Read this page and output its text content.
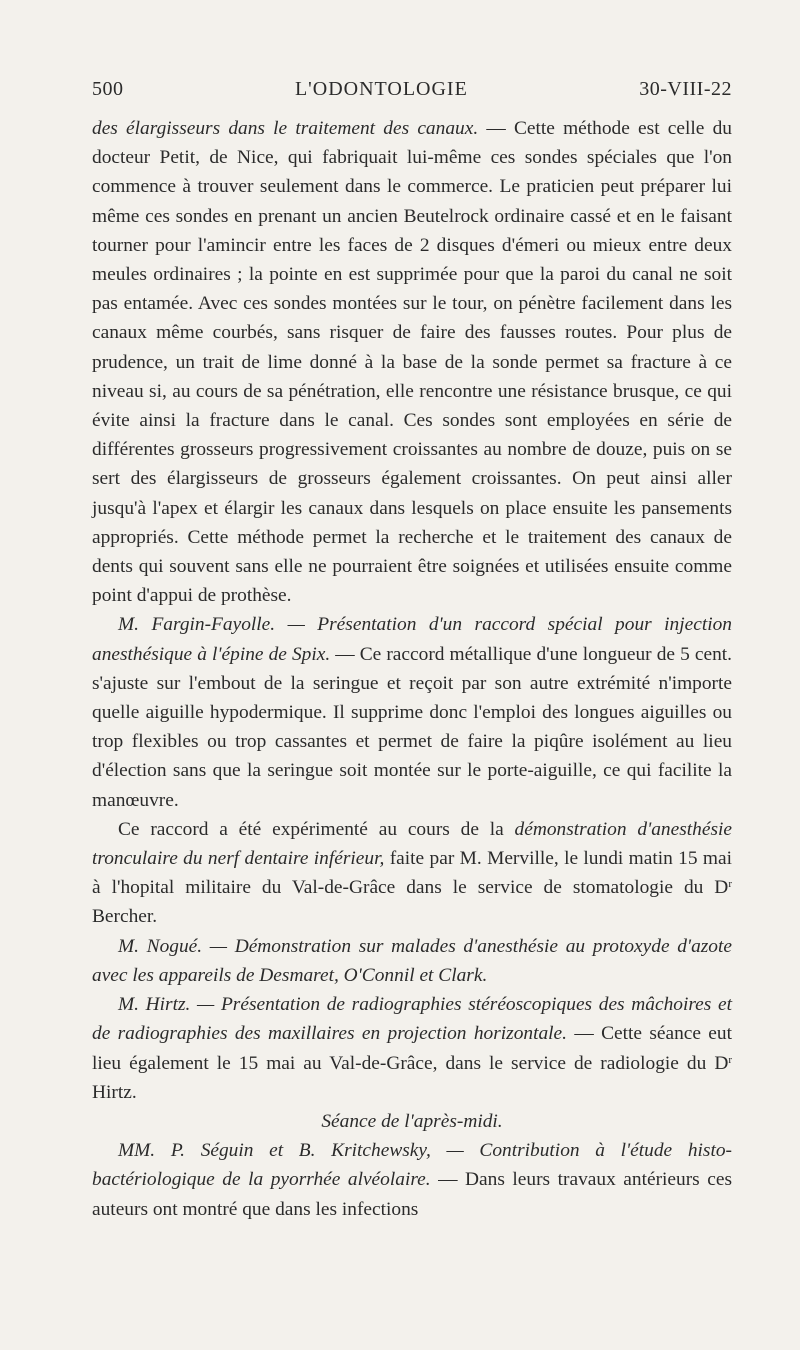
500	L'ODONTOLOGIE	30-VIII-22

des élargisseurs dans le traitement des canaux. — Cette méthode est celle du docteur Petit, de Nice, qui fabriquait lui-même ces sondes spéciales que l'on commence à trouver seulement dans le commerce. Le praticien peut préparer lui même ces sondes en prenant un ancien Beutelrock ordinaire cassé et en le faisant tourner pour l'amincir entre les faces de 2 disques d'émeri ou mieux entre deux meules ordinaires ; la pointe en est supprimée pour que la paroi du canal ne soit pas entamée. Avec ces sondes montées sur le tour, on pénètre facilement dans les canaux même courbés, sans risquer de faire des fausses routes. Pour plus de prudence, un trait de lime donné à la base de la sonde permet sa fracture à ce niveau si, au cours de sa pénétration, elle rencontre une résistance brusque, ce qui évite ainsi la fracture dans le canal. Ces sondes sont employées en série de différentes grosseurs progressivement croissantes au nombre de douze, puis on se sert des élargisseurs de grosseurs également croissantes. On peut ainsi aller jusqu'à l'apex et élargir les canaux dans lesquels on place ensuite les pansements appropriés. Cette méthode permet la recherche et le traitement des canaux de dents qui souvent sans elle ne pourraient être soignées et utilisées ensuite comme point d'appui de prothèse.

M. Fargin-Fayolle. — Présentation d'un raccord spécial pour injection anesthésique à l'épine de Spix. — Ce raccord métallique d'une longueur de 5 cent. s'ajuste sur l'embout de la seringue et reçoit par son autre extrémité n'importe quelle aiguille hypodermique. Il supprime donc l'emploi des longues aiguilles ou trop flexibles ou trop cassantes et permet de faire la piqûre isolément au lieu d'élection sans que la seringue soit montée sur le porte-aiguille, ce qui facilite la manœuvre.

Ce raccord a été expérimenté au cours de la démonstration d'anesthésie tronculaire du nerf dentaire inférieur, faite par M. Merville, le lundi matin 15 mai à l'hopital militaire du Val-de-Grâce dans le service de stomatologie du $D^r$ Bercher.

M. Nogué. — Démonstration sur malades d'anesthésie au protoxyde d'azote avec les appareils de Desmaret, O'Connil et Clark.

M. Hirtz. — Présentation de radiographies stéréoscopiques des mâchoires et de radiographies des maxillaires en projection horizontale. — Cette séance eut lieu également le 15 mai au Val-de-Grâce, dans le service de radiologie du $D^r$ Hirtz.

Séance de l'après-midi.

MM. P. Séguin et B. Kritchewsky, — Contribution à l'étude histo-bactériologique de la pyorrhée alvéolaire. — Dans leurs travaux antérieurs ces auteurs ont montré que dans les infections
